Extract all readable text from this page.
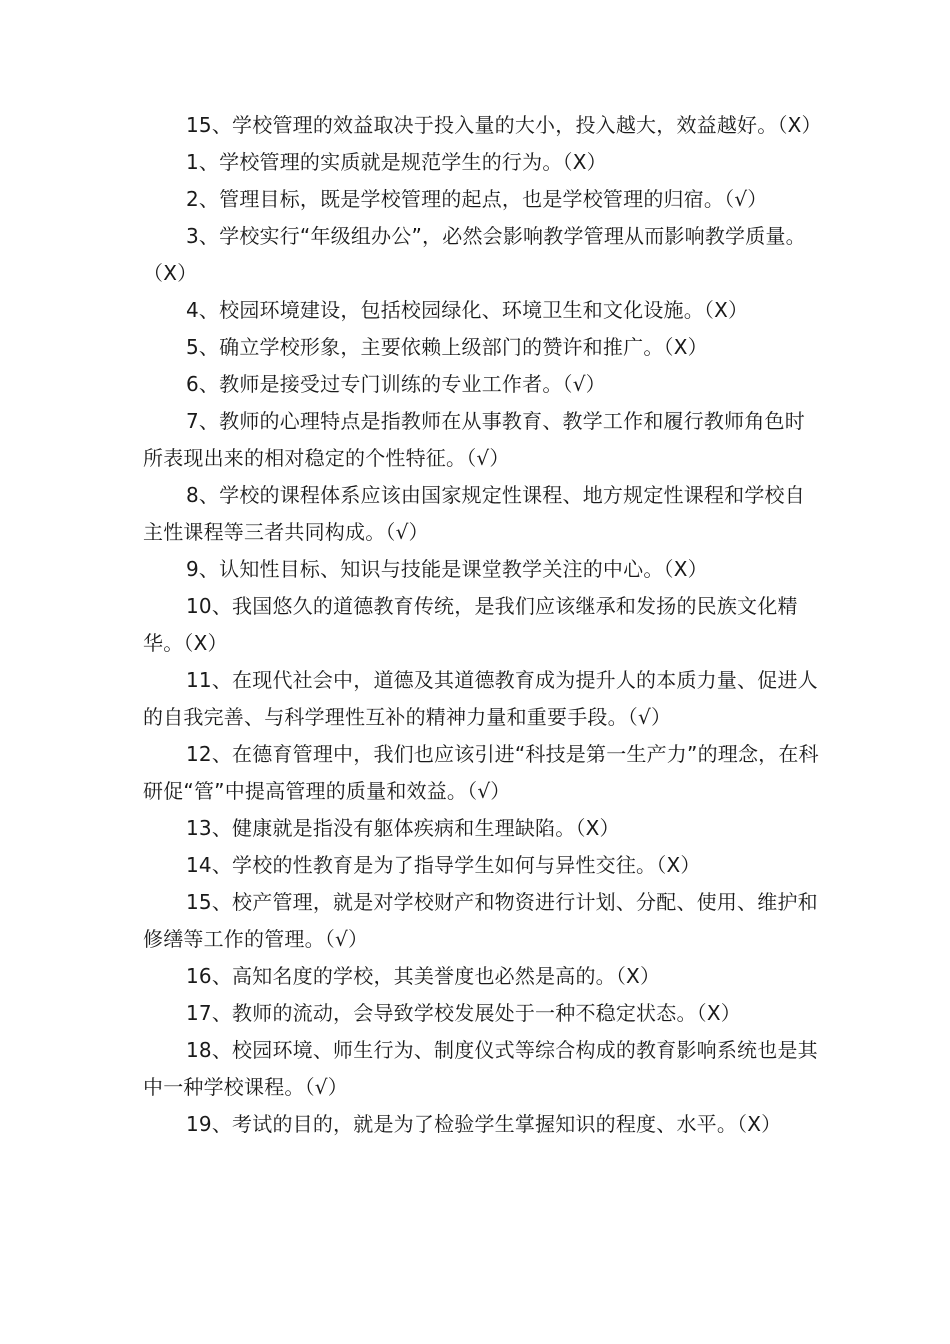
15、学校管理的效益取决于投入量的大小，投入越大，效益越好。（X）

1、学校管理的实质就是规范学生的行为。（X）

2、管理目标，既是学校管理的起点，也是学校管理的归宿。（√）

3、学校实行“年级组办公”，必然会影响教学管理从而影响教学质量。（X）

4、校园环境建设，包括校园绿化、环境卫生和文化设施。（X）

5、确立学校形象，主要依赖上级部门的赞许和推广。（X）

6、教师是接受过专门训练的专业工作者。（√）

7、教师的心理特点是指教师在从事教育、教学工作和履行教师角色时所表现出来的相对稳定的个性特征。（√）

8、学校的课程体系应该由国家规定性课程、地方规定性课程和学校自主性课程等三者共同构成。（√）

9、认知性目标、知识与技能是课堂教学关注的中心。（X）

10、我国悠久的道德教育传统，是我们应该继承和发扬的民族文化精华。（X）

11、在现代社会中，道德及其道德教育成为提升人的本质力量、促进人的自我完善、与科学理性互补的精神力量和重要手段。（√）

12、在德育管理中，我们也应该引进“科技是第一生产力”的理念，在科研促“管”中提高管理的质量和效益。（√）

13、健康就是指没有躯体疾病和生理缺陷。（X）

14、学校的性教育是为了指导学生如何与异性交往。（X）

15、校产管理，就是对学校财产和物资进行计划、分配、使用、维护和修缮等工作的管理。（√）

16、高知名度的学校，其美誉度也必然是高的。（X）

17、教师的流动，会导致学校发展处于一种不稳定状态。（X）

18、校园环境、师生行为、制度仪式等综合构成的教育影响系统也是其中一种学校课程。（√）

19、考试的目的，就是为了检验学生掌握知识的程度、水平。（X）
